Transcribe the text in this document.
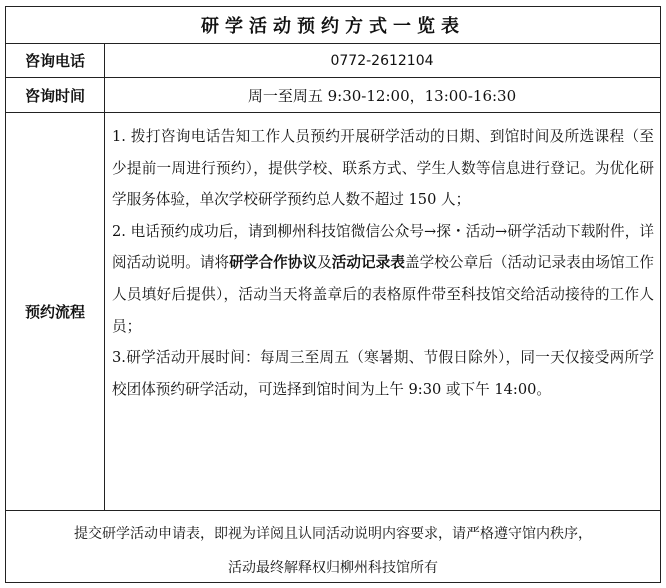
研学活动预约方式一览表
咨询电话	0772-2612104
咨询时间	周一至周五 9:30-12:00，13:00-16:30
预约流程

1. 拨打咨询电话告知工作人员预约开展研学活动的日期、到馆时间及所选课程（至少提前一周进行预约），提供学校、联系方式、学生人数等信息进行登记。为优化研学服务体验，单次学校研学预约总人数不超过 150 人；

2. 电话预约成功后，请到柳州科技馆微信公众号→探・活动→研学活动下载附件，详阅活动说明。请将研学合作协议及活动记录表盖学校公章后（活动记录表由场馆工作人员填好后提供），活动当天将盖章后的表格原件带至科技馆交给活动接待的工作人员；

3.研学活动开展时间：每周三至周五（寒暑期、节假日除外），同一天仅接受两所学校团体预约研学活动，可选择到馆时间为上午 9:30 或下午 14:00。

提交研学活动申请表，即视为详阅且认同活动说明内容要求，请严格遵守馆内秩序，
活动最终解释权归柳州科技馆所有
